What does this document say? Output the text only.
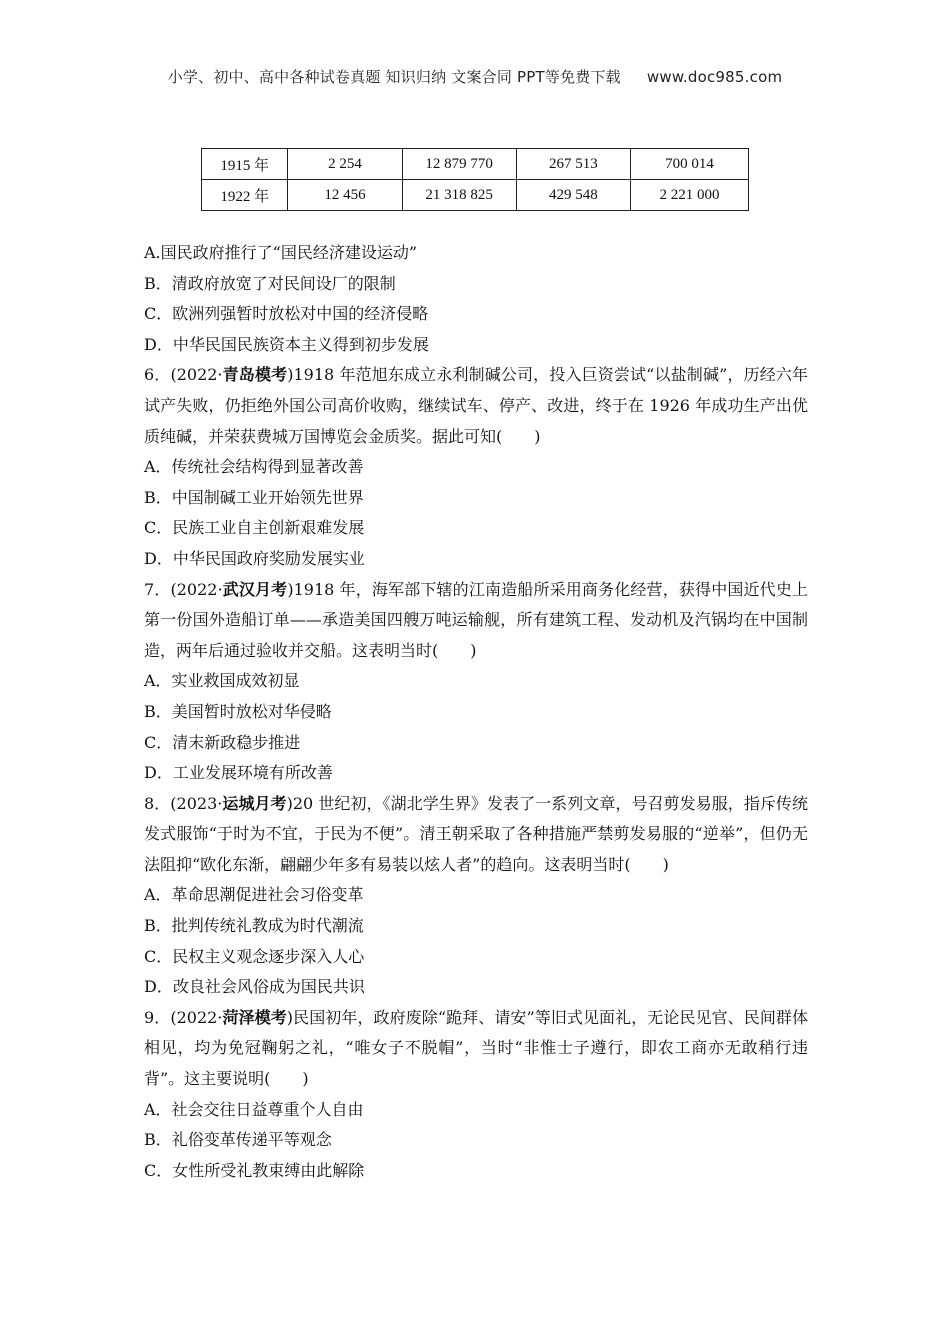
小学、初中、高中各种试卷真题 知识归纳 文案合同 PPT等免费下载 www.doc985.com
1915 年	2 254	12 879 770	267 513	700 014
1922 年	12 456	21 318 825	429 548	2 221 000

A.国民政府推行了“国民经济建设运动”

B．清政府放宽了对民间设厂的限制

C．欧洲列强暂时放松对中国的经济侵略

D．中华民国民族资本主义得到初步发展

6．(2022·青岛模考)1918 年范旭东成立永利制碱公司，投入巨资尝试“以盐制碱”，历经六年试产失败，仍拒绝外国公司高价收购，继续试车、停产、改进，终于在 1926 年成功生产出优质纯碱，并荣获费城万国博览会金质奖。据此可知(　　)

A．传统社会结构得到显著改善

B．中国制碱工业开始领先世界

C．民族工业自主创新艰难发展

D．中华民国政府奖励发展实业

7．(2022·武汉月考)1918 年，海军部下辖的江南造船所采用商务化经营，获得中国近代史上第一份国外造船订单——承造美国四艘万吨运输舰，所有建筑工程、发动机及汽锅均在中国制造，两年后通过验收并交船。这表明当时(　　)

A．实业救国成效初显

B．美国暂时放松对华侵略

C．清末新政稳步推进

D．工业发展环境有所改善

8．(2023·运城月考)20 世纪初，《湖北学生界》发表了一系列文章，号召剪发易服，指斥传统发式服饰“于时为不宜，于民为不便”。清王朝采取了各种措施严禁剪发易服的“逆举”，但仍无法阻抑“欧化东渐，翩翩少年多有易装以炫人者”的趋向。这表明当时(　　)

A．革命思潮促进社会习俗变革

B．批判传统礼教成为时代潮流

C．民权主义观念逐步深入人心

D．改良社会风俗成为国民共识

9．(2022·菏泽模考)民国初年，政府废除“跪拜、请安”等旧式见面礼，无论民见官、民间群体相见，均为免冠鞠躬之礼，“唯女子不脱帽”，当时“非惟士子遵行，即农工商亦无敢稍行违背”。这主要说明(　　)

A．社会交往日益尊重个人自由

B．礼俗变革传递平等观念

C．女性所受礼教束缚由此解除
